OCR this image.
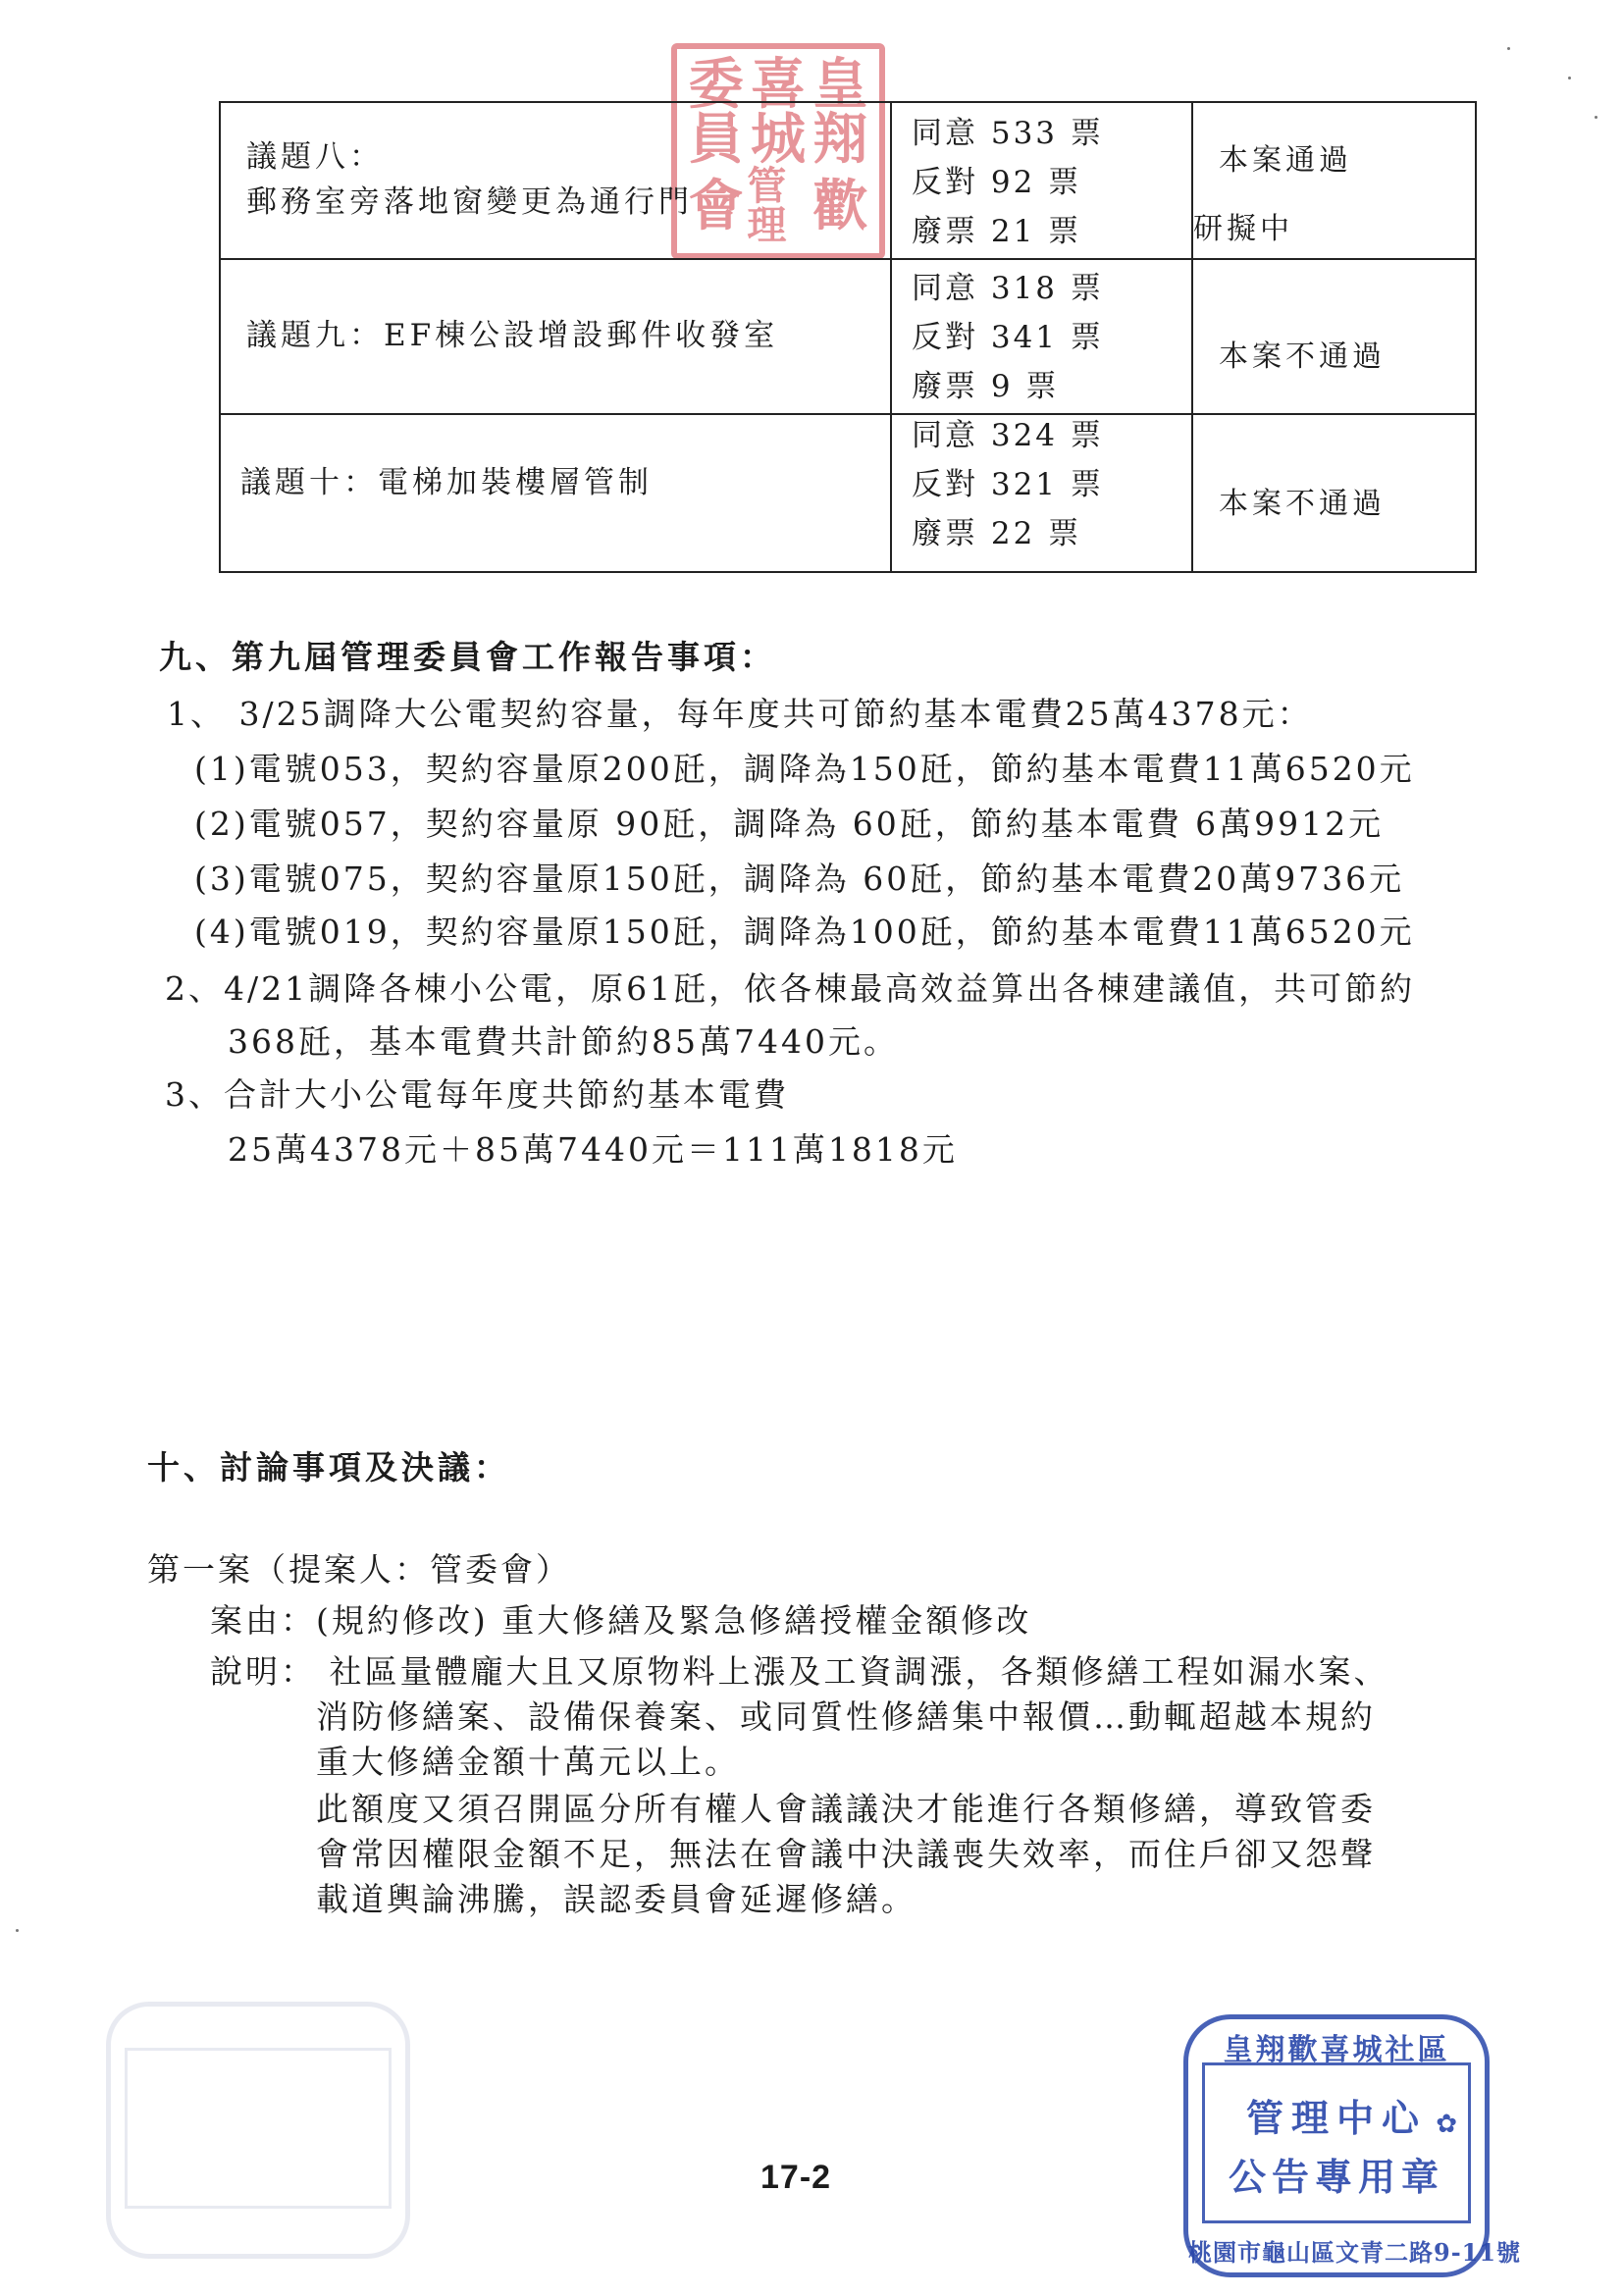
委 喜 皇
員 城 翔
會 管理 歡
議題八：
郵務室旁落地窗變更為通行門
同意 533 票
反對 92 票
廢票 21 票
本案通過
研擬中
議題九：EF棟公設增設郵件收發室
同意 318 票
反對 341 票
廢票 9 票
本案不通過
議題十：電梯加裝樓層管制
同意 324 票
反對 321 票
廢票 22 票
本案不通過
九、第九屆管理委員會工作報告事項：
1、 3/25調降大公電契約容量，每年度共可節約基本電費25萬4378元：
(1)電號053，契約容量原200瓩，調降為150瓩，節約基本電費11萬6520元
(2)電號057，契約容量原 90瓩，調降為 60瓩，節約基本電費 6萬9912元
(3)電號075，契約容量原150瓩，調降為 60瓩，節約基本電費20萬9736元
(4)電號019，契約容量原150瓩，調降為100瓩，節約基本電費11萬6520元
2、4/21調降各棟小公電，原61瓩，依各棟最高效益算出各棟建議值，共可節約
368瓩，基本電費共計節約85萬7440元。
3、合計大小公電每年度共節約基本電費
25萬4378元＋85萬7440元＝111萬1818元
十、討論事項及決議：
第一案（提案人：管委會）
案由：(規約修改) 重大修繕及緊急修繕授權金額修改
說明： 社區量體龐大且又原物料上漲及工資調漲，各類修繕工程如漏水案、
消防修繕案、設備保養案、或同質性修繕集中報價…動輒超越本規約
重大修繕金額十萬元以上。
此額度又須召開區分所有權人會議議決才能進行各類修繕，導致管委
會常因權限金額不足，無法在會議中決議喪失效率，而住戶卻又怨聲
載道輿論沸騰，誤認委員會延遲修繕。
17-2
皇翔歡喜城社區
✿
管理中心
公告專用章
桃園市龜山區文青二路9-11號
